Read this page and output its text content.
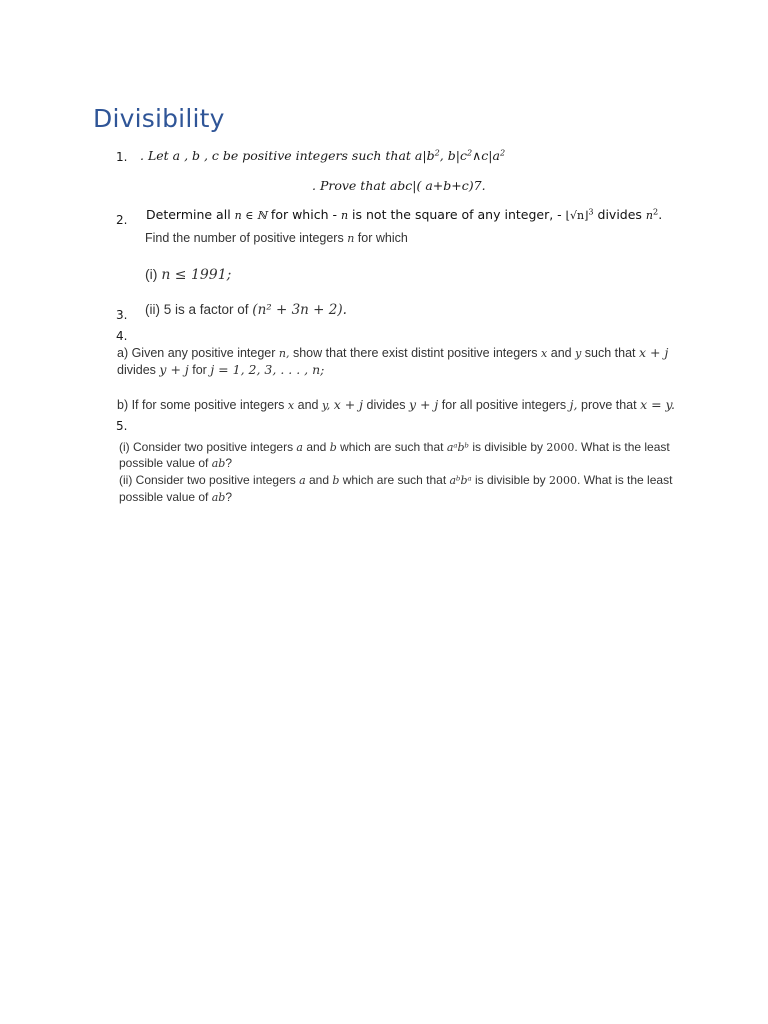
Divisibility
1. . Let a , b , c be positive integers such that $a|b^2$, $b|c^2\wedge c|a^2$
. Prove that abc|( a+b+c)7.
2. Determine all n ∈ ℕ for which - n is not the square of any integer, - ⌊√n⌋$^3$ divides $n^2$.
Find the number of positive integers n for which
(i) n ≤ 1991;
3. (ii) 5 is a factor of (n² + 3n + 2).
4.
a) Given any positive integer n, show that there exist distint positive integers x and y such that x + j
divides y + j for j = 1, 2, 3, . . . , n;
b) If for some positive integers x and y, x + j divides y + j for all positive integers j, prove that x = y.
5.
(i) Consider two positive integers a and b which are such that aᵃbᵇ is divisible by 2000. What is the least
possible value of ab?
(ii) Consider two positive integers a and b which are such that aᵇbᵃ is divisible by 2000. What is the least
possible value of ab?
